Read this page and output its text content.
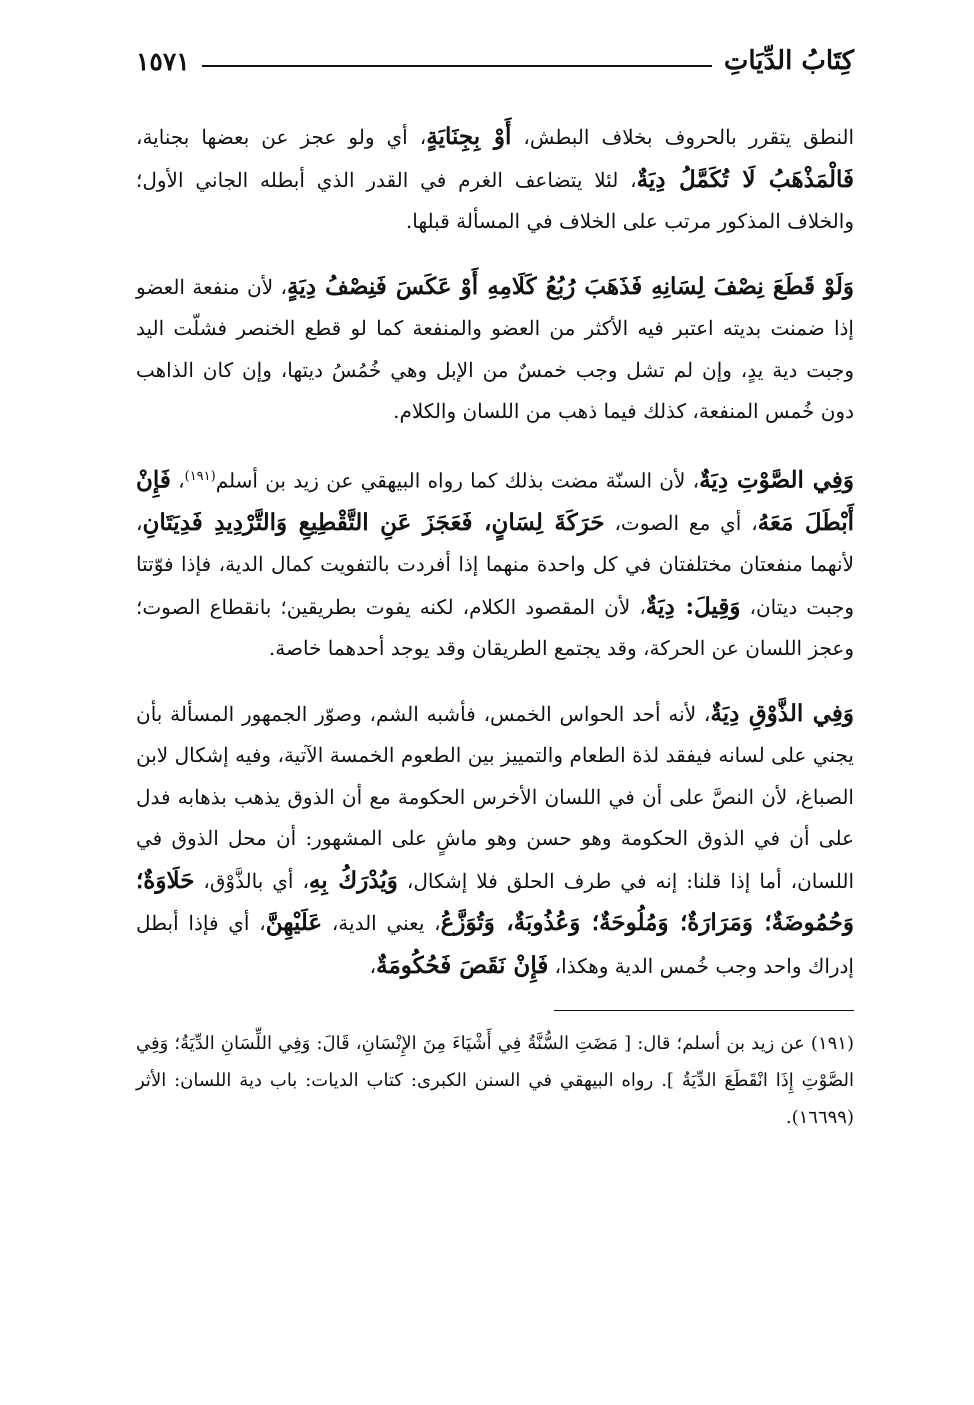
كِتَابُ الدِّيَاتِ
١٥٧١

النطق يتقرر بالحروف بخلاف البطش، أَوْ بِجِنَايَةٍ، أي ولو عجز عن بعضها بجناية، فَالْمَذْهَبُ لَا تُكَمَّلُ دِيَةٌ، لئلا يتضاعف الغرم في القدر الذي أبطله الجاني الأول؛ والخلاف المذكور مرتب على الخلاف في المسألة قبلها.

وَلَوْ قَطَعَ نِصْفَ لِسَانِهِ فَذَهَبَ رُبُعُ كَلَامِهِ أَوْ عَكَسَ فَنِصْفُ دِيَةٍ، لأن منفعة العضو إذا ضمنت بديته اعتبر فيه الأكثر من العضو والمنفعة كما لو قطع الخنصر فشلّت اليد وجبت دية يدٍ، وإن لم تشل وجب خمسٌ من الإبل وهي خُمُسُ ديتها، وإن كان الذاهب دون خُمس المنفعة، كذلك فيما ذهب من اللسان والكلام.

وَفِي الصَّوْتِ دِيَةٌ، لأن السنّة مضت بذلك كما رواه البيهقي عن زيد بن أسلم$^{(١٩١)}$، فَإِنْ أَبْطَلَ مَعَهُ، أي مع الصوت، حَرَكَةَ لِسَانٍ، فَعَجَزَ عَنِ التَّقْطِيعِ وَالتَّرْدِيدِ فَدِيَتَانِ، لأنهما منفعتان مختلفتان في كل واحدة منهما إذا أفردت بالتفويت كمال الدية، فإذا فوّتتا وجبت ديتان، وَقِيلَ: دِيَةٌ، لأن المقصود الكلام، لكنه يفوت بطريقين؛ بانقطاع الصوت؛ وعجز اللسان عن الحركة، وقد يجتمع الطريقان وقد يوجد أحدهما خاصة.

وَفِي الذَّوْقِ دِيَةٌ، لأنه أحد الحواس الخمس، فأشبه الشم، وصوّر الجمهور المسألة بأن يجني على لسانه فيفقد لذة الطعام والتمييز بين الطعوم الخمسة الآتية، وفيه إشكال لابن الصباغ، لأن النصَّ على أن في اللسان الأخرس الحكومة مع أن الذوق يذهب بذهابه فدل على أن في الذوق الحكومة وهو حسن وهو ماشٍ على المشهور: أن محل الذوق في اللسان، أما إذا قلنا: إنه في طرف الحلق فلا إشكال، وَيُدْرَكُ بِهِ، أي بالذَّوْق، حَلَاوَةٌ؛ وَحُمُوضَةٌ؛ وَمَرَارَةٌ؛ وَمُلُوحَةٌ؛ وَعُذُوبَةٌ، وَتُوَزَّعُ، يعني الدية، عَلَيْهِنَّ، أي فإذا أبطل إدراك واحد وجب خُمس الدية وهكذا، فَإِنْ نَقَصَ فَحُكُومَةٌ،

(١٩١) عن زيد بن أسلم؛ قال: [ مَضَتِ السُّنَّةُ فِي أَشْيَاءَ مِنَ الإِنْسَانِ، قَالَ: وَفِي اللِّسَانِ الدِّيَةُ؛ وَفِي الصَّوْتِ إِذَا انْقَطَعَ الدِّيَةُ ]. رواه البيهقي في السنن الكبرى: كتاب الديات: باب دية اللسان: الأثر (١٦٦٩٩).
